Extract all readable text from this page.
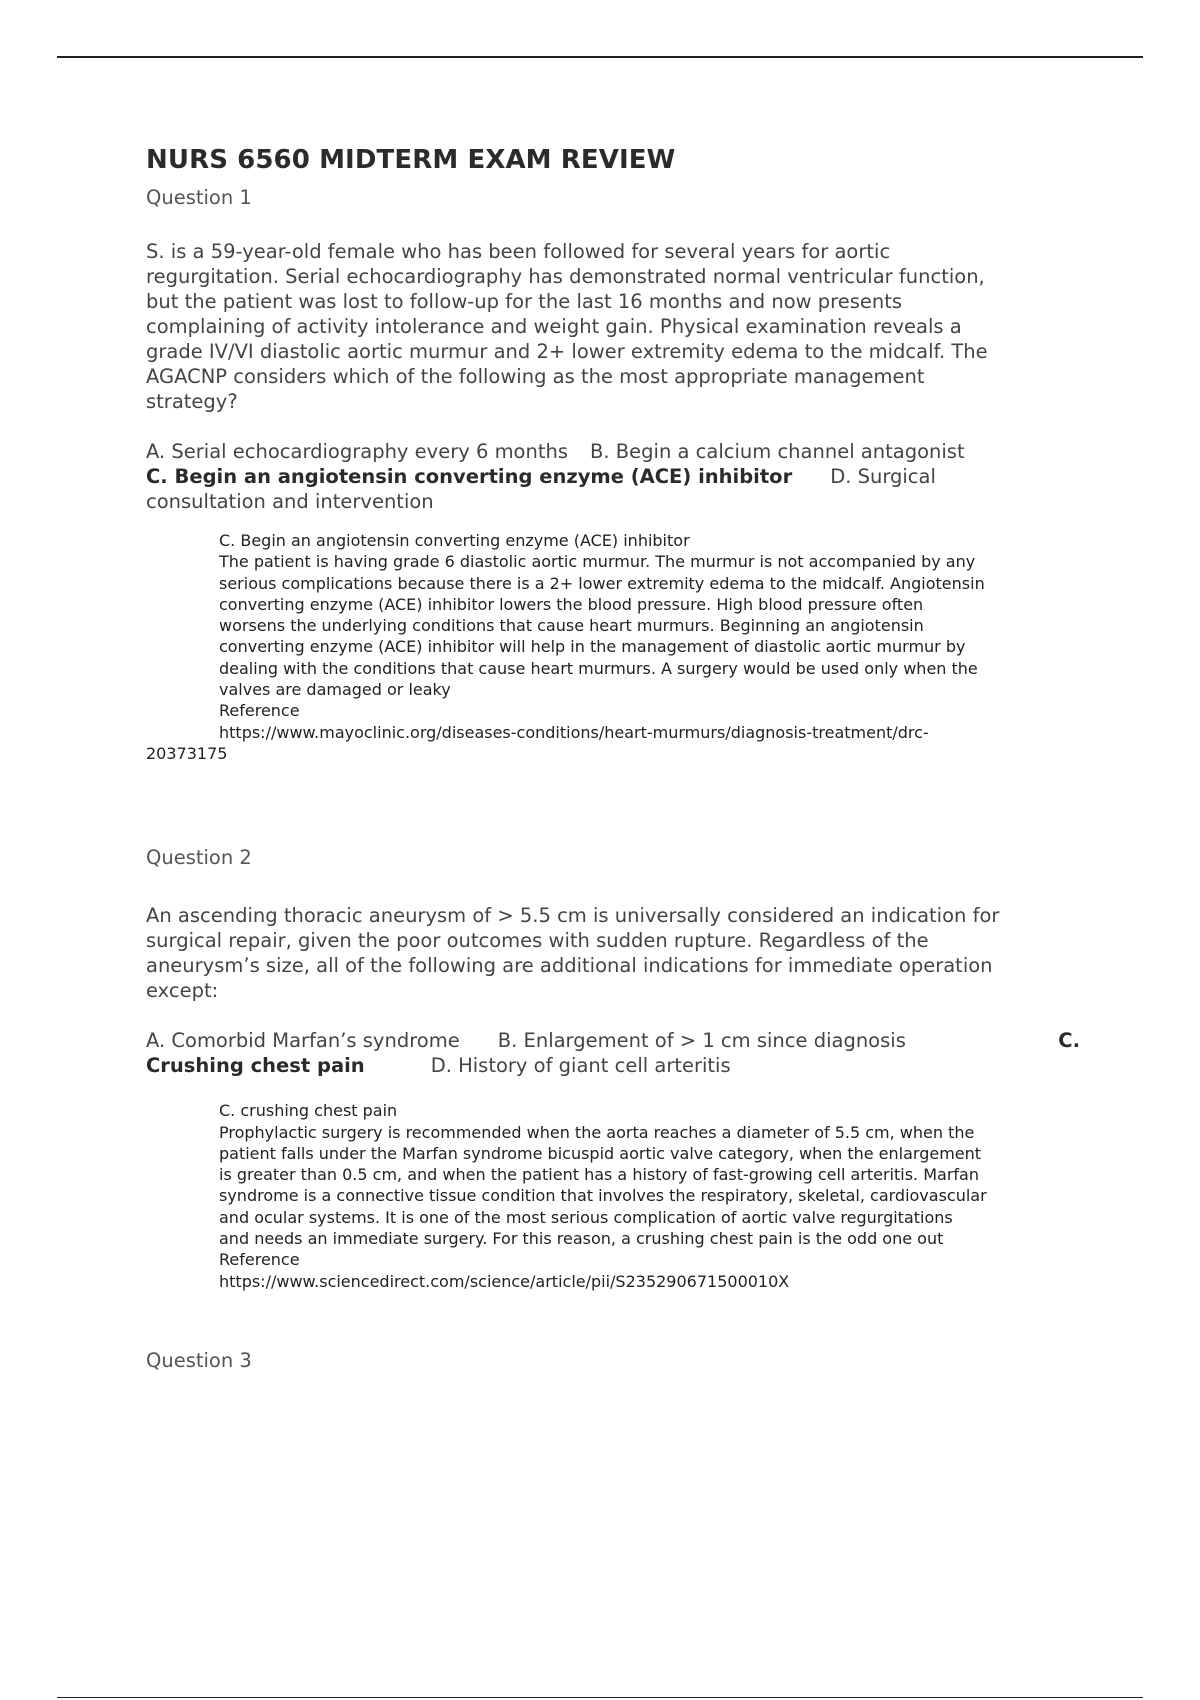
NURS 6560 MIDTERM EXAM REVIEW
Question 1
S. is a 59-year-old female who has been followed for several years for aortic
regurgitation. Serial echocardiography has demonstrated normal ventricular function,
but the patient was lost to follow-up for the last 16 months and now presents
complaining of activity intolerance and weight gain. Physical examination reveals a
grade IV/VI diastolic aortic murmur and 2+ lower extremity edema to the midcalf. The
AGACNP considers which of the following as the most appropriate management
strategy?
A. Serial echocardiography every 6 months B. Begin a calcium channel antagonist
C. Begin an angiotensin converting enzyme (ACE) inhibitor D. Surgical
consultation and intervention
C. Begin an angiotensin converting enzyme (ACE) inhibitor
The patient is having grade 6 diastolic aortic murmur. The murmur is not accompanied by any
serious complications because there is a 2+ lower extremity edema to the midcalf. Angiotensin
converting enzyme (ACE) inhibitor lowers the blood pressure. High blood pressure often
worsens the underlying conditions that cause heart murmurs. Beginning an angiotensin
converting enzyme (ACE) inhibitor will help in the management of diastolic aortic murmur by
dealing with the conditions that cause heart murmurs. A surgery would be used only when the
valves are damaged or leaky
Reference
https://www.mayoclinic.org/diseases-conditions/heart-murmurs/diagnosis-treatment/drc-
20373175
Question 2
An ascending thoracic aneurysm of > 5.5 cm is universally considered an indication for
surgical repair, given the poor outcomes with sudden rupture. Regardless of the
aneurysm’s size, all of the following are additional indications for immediate operation
except:
A. Comorbid Marfan’s syndrome B. Enlargement of > 1 cm since diagnosis	C.
Crushing chest pain	D. History of giant cell arteritis
C. crushing chest pain
Prophylactic surgery is recommended when the aorta reaches a diameter of 5.5 cm, when the
patient falls under the Marfan syndrome bicuspid aortic valve category, when the enlargement
is greater than 0.5 cm, and when the patient has a history of fast-growing cell arteritis. Marfan
syndrome is a connective tissue condition that involves the respiratory, skeletal, cardiovascular
and ocular systems. It is one of the most serious complication of aortic valve regurgitations
and needs an immediate surgery. For this reason, a crushing chest pain is the odd one out
Reference
https://www.sciencedirect.com/science/article/pii/S235290671500010X
Question 3
